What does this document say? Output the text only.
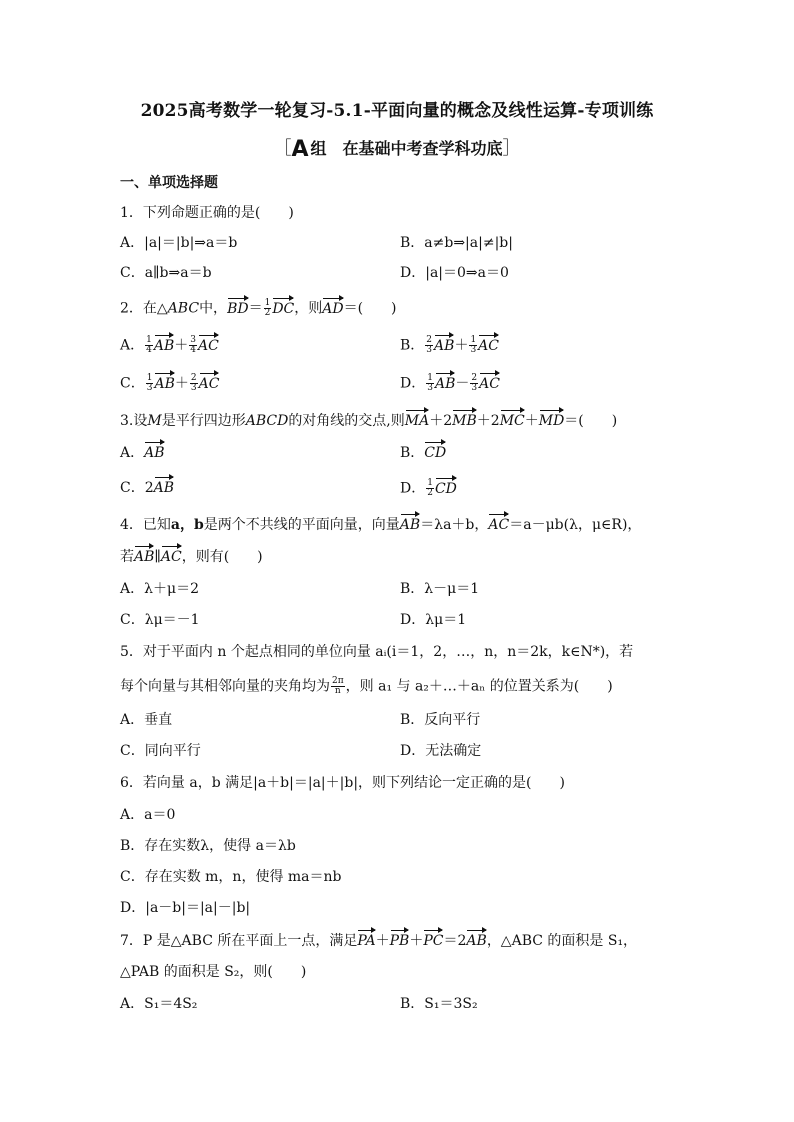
2025高考数学一轮复习-5.1-平面向量的概念及线性运算-专项训练
［A 组　在基础中考查学科功底］
一、单项选择题
1．下列命题正确的是(　　)
A．|a|＝|b|⇒a＝b	B．a≠b⇒|a|≠|b|
C．a∥b⇒a＝b	D．|a|＝0⇒a＝0
2．在△ABC中，$BD= \frac{1}{2}$ DC，则AD＝(　　)
A． $\frac{1}{4} AB+ \frac{3}{4}$ AC	B． $\frac{2}{3} AB+ \frac{1}{3}$ AC
C． $\frac{1}{3} AB+ \frac{2}{3}$ AC	D． $\frac{1}{3} AB- \frac{2}{3}$ AC
3.设M是平行四边形ABCD的对角线的交点,则MA＋2MB＋2MC＋MD＝(　　)
A．AB	B．CD
C．2AB	D． $\frac{1}{2}$ CD
4．已知a，b是两个不共线的平面向量，向量AB＝λa＋b，AC＝a－μb(λ，μ∈R)，
若AB∥AC，则有(　　)
A．λ＋μ＝2	B．λ－μ＝1
C．λμ＝－1	D．λμ＝1
5．对于平面内 n 个起点相同的单位向量 aᵢ(i＝1，2，…，n，n＝2k，k∈N*)，若
每个向量与其相邻向量的夹角均为 $\frac{2\pi}{n}$ ，则 a₁ 与 a₂＋…＋aₙ 的位置关系为(　　)
A．垂直	B．反向平行
C．同向平行	D．无法确定
6．若向量 a，b 满足|a＋b|＝|a|＋|b|，则下列结论一定正确的是(　　)
A．a＝0
B．存在实数λ，使得 a＝λb
C．存在实数 m，n，使得 ma＝nb
D．|a－b|＝|a|－|b|
7．P 是△ABC 所在平面上一点，满足PA＋PB＋PC＝2AB，△ABC 的面积是 S₁，
△PAB 的面积是 S₂，则(　　)
A．S₁＝4S₂	B．S₁＝3S₂
